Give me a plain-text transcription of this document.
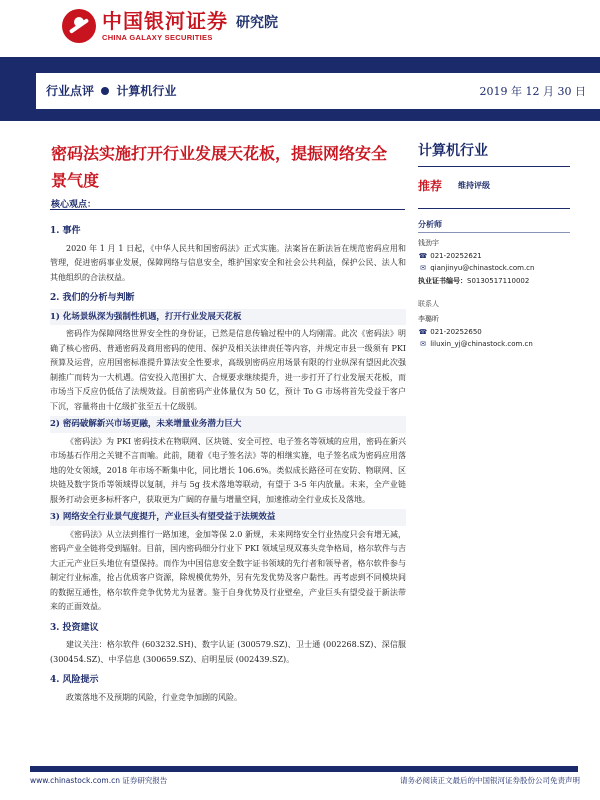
中国银河证券
CHINA GALAXY SECURITIES
研究院
行业点评 计算机行业	2019 年 12 月 30 日
密码法实施打开行业发展天花板，提振网络安全景气度
核心观点：
1. 事件
2020 年 1 月 1 日起，《中华人民共和国密码法》正式实施。法案旨在新法旨在规范密码应用和管理，促进密码事业发展，保障网络与信息安全，维护国家安全和社会公共利益，保护公民、法人和其他组织的合法权益。
2. 我们的分析与判断
1) 化场景纵深为强制性机遇，打开行业发展天花板
密码作为保障网络世界安全性的身份证，已然是信息传输过程中的人均刚需。此次《密码法》明确了核心密码、普通密码及商用密码的使用、保护及相关法律责任等内容，并规定市县一级须有 PKI 预算及运营，应用国密标准提升算法安全性要求，高级别密码应用场景有限的行业纵深有望因此次强制推广而转为一大机遇。信安投入范围扩大、合规要求继续提升，进一步打开了行业发展天花板，而市场当下反应仍低估了法规效益。目前密码产业体量仅为 50 亿，预计 To G 市场将首先受益于客户下沉，容量将由十亿级扩张至五十亿级别。
2) 密码破解新兴市场更融，未来增量业务潜力巨大
《密码法》为 PKI 密码技术在物联网、区块链、安全可控、电子签名等领域的应用，密码在新兴市场基石作用之关键不言而喻。此前，随着《电子签名法》等的相继实施，电子签名成为密码应用落地的处女领域，2018 年市场不断集中化，同比增长 106.6%。类似成长路径可在安防、物联网、区块链及数字货币等领域得以复制，并与 5g 技术落地等联动，有望于 3-5 年内放量。未来，全产业链服务打动会更多标杆客户，获取更为广阔的存量与增量空间，加速推动全行业成长及落地。
3) 网络安全行业景气度提升，产业巨头有望受益于法规效益
《密码法》从立法到推行一路加速，金加等保 2.0 新规，未来网络安全行业热度只会有增无减，密码产业全链将受到辐射。目前，国内密码细分行业下 PKI 领域呈现双寡头竞争格局，格尔软件与吉大正元产业巨头地位有望保持。而作为中国信息安全数字证书领域的先行者和领导者，格尔软件参与制定行业标准，抢占优质客户资源，除规模优势外，另有先发优势及客户黏性。再考虑到不同模块间的数据互通性，格尔软件竞争优势尤为显著。鉴于自身优势及行业壁垒，产业巨头有望受益于新法带来的正面效益。
3. 投资建议
建议关注：格尔软件 (603232.SH)、数字认证 (300579.SZ)、卫士通 (002268.SZ)、深信服 (300454.SZ)、中孚信息 (300659.SZ)、启明星辰 (002439.SZ)。
4. 风险提示
政策落地不及预期的风险，行业竞争加剧的风险。
计算机行业
推荐 维持评级
分析师
钱劲宇
☎ 021-20252621
✉ qianjinyu@chinastock.com.cn
执业证书编号：S0130517110002
联系人
李璐昕
☎ 021-20252650
✉ liluxin_yj@chinastock.com.cn
www.chinastock.com.cn 证券研究报告	请务必阅读正文最后的中国银河证券股份公司免责声明
